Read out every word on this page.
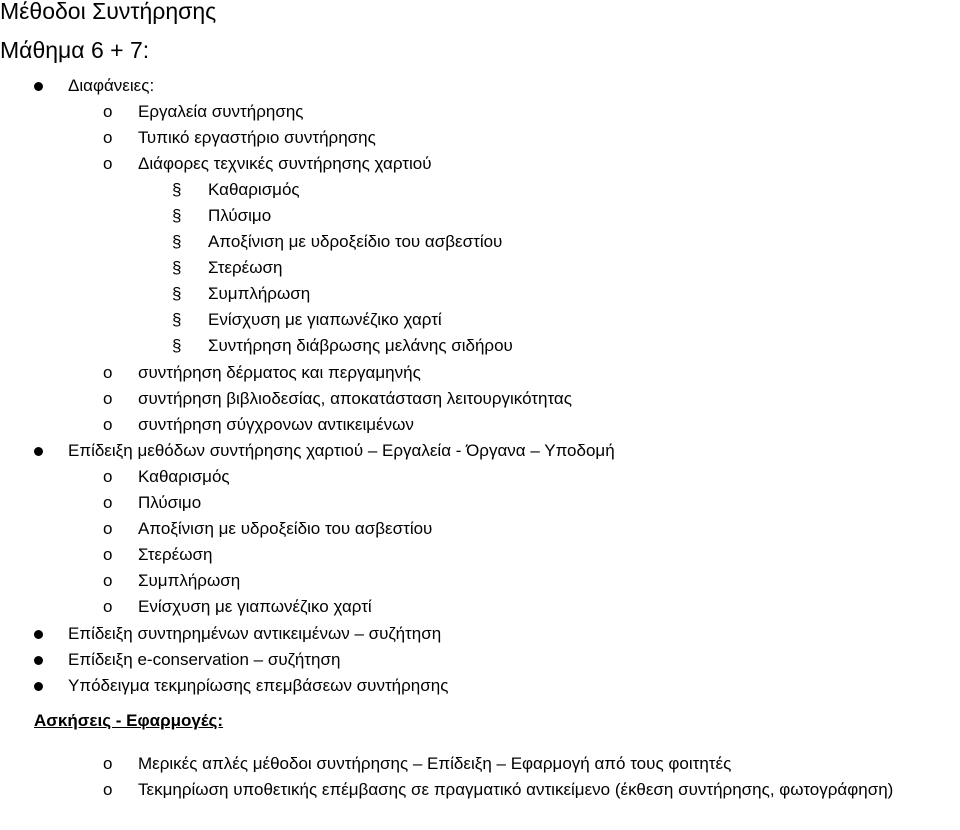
Μέθοδοι Συντήρησης
Μάθημα 6 + 7:
Διαφάνειες:
o Εργαλεία συντήρησης
o Τυπικό εργαστήριο συντήρησης
o Διάφορες τεχνικές συντήρησης χαρτιού
§ Καθαρισμός
§ Πλύσιμο
§ Αποξίνιση με υδροξείδιο του ασβεστίου
§ Στερέωση
§ Συμπλήρωση
§ Ενίσχυση με γιαπωνέζικο χαρτί
§ Συντήρηση διάβρωσης μελάνης σιδήρου
o συντήρηση δέρματος και περγαμηνής
o συντήρηση βιβλιοδεσίας, αποκατάσταση λειτουργικότητας
o συντήρηση σύγχρονων αντικειμένων
Επίδειξη μεθόδων συντήρησης χαρτιού – Εργαλεία - Όργανα – Υποδομή
o Καθαρισμός
o Πλύσιμο
o Αποξίνιση με υδροξείδιο του ασβεστίου
o Στερέωση
o Συμπλήρωση
o Ενίσχυση με γιαπωνέζικο χαρτί
Επίδειξη συντηρημένων αντικειμένων – συζήτηση
Επίδειξη e-conservation – συζήτηση
Υπόδειγμα τεκμηρίωσης επεμβάσεων συντήρησης
Ασκήσεις - Εφαρμογές:
o Μερικές απλές μέθοδοι συντήρησης – Επίδειξη – Εφαρμογή από τους φοιτητές
o Τεκμηρίωση υποθετικής επέμβασης σε πραγματικό αντικείμενο (έκθεση συντήρησης, φωτογράφηση)
